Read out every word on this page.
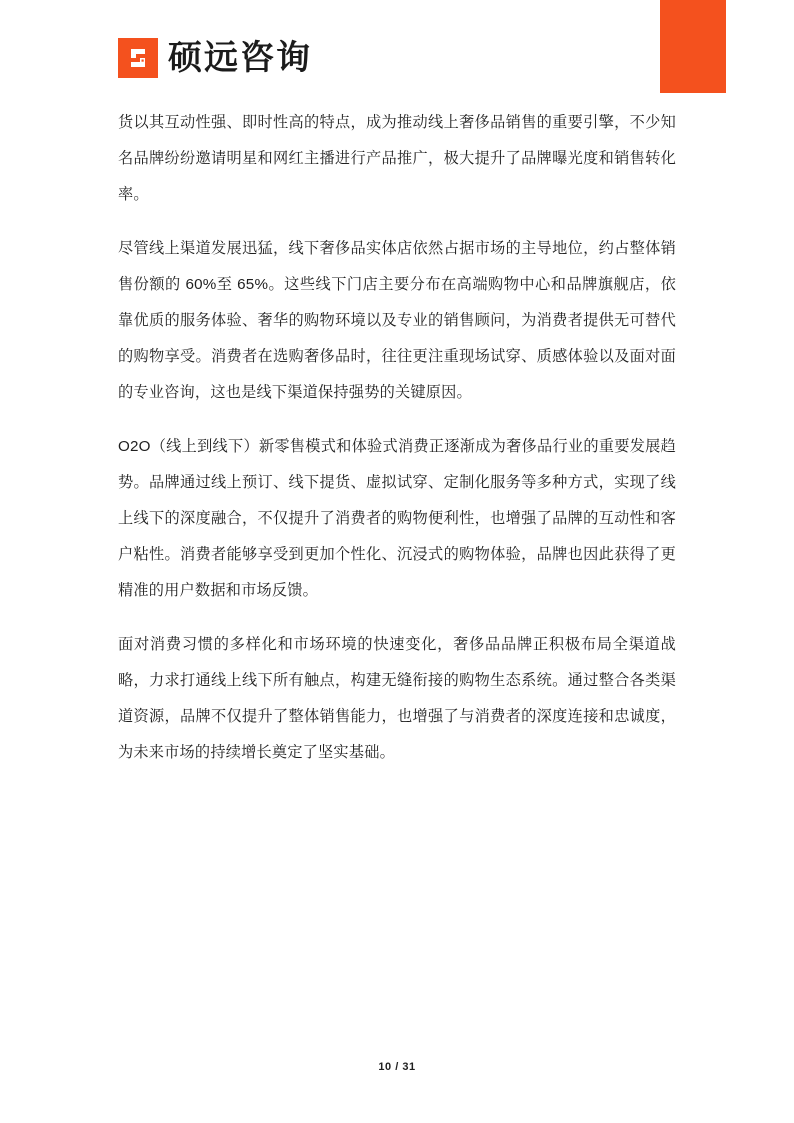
硕远咨询

货以其互动性强、即时性高的特点，成为推动线上奢侈品销售的重要引擎，不少知名品牌纷纷邀请明星和网红主播进行产品推广，极大提升了品牌曝光度和销售转化率。

尽管线上渠道发展迅猛，线下奢侈品实体店依然占据市场的主导地位，约占整体销售份额的 60%至 65%。这些线下门店主要分布在高端购物中心和品牌旗舰店，依靠优质的服务体验、奢华的购物环境以及专业的销售顾问，为消费者提供无可替代的购物享受。消费者在选购奢侈品时，往往更注重现场试穿、质感体验以及面对面的专业咨询，这也是线下渠道保持强势的关键原因。

O2O（线上到线下）新零售模式和体验式消费正逐渐成为奢侈品行业的重要发展趋势。品牌通过线上预订、线下提货、虚拟试穿、定制化服务等多种方式，实现了线上线下的深度融合，不仅提升了消费者的购物便利性，也增强了品牌的互动性和客户粘性。消费者能够享受到更加个性化、沉浸式的购物体验，品牌也因此获得了更精准的用户数据和市场反馈。

面对消费习惯的多样化和市场环境的快速变化，奢侈品品牌正积极布局全渠道战略，力求打通线上线下所有触点，构建无缝衔接的购物生态系统。通过整合各类渠道资源，品牌不仅提升了整体销售能力，也增强了与消费者的深度连接和忠诚度，为未来市场的持续增长奠定了坚实基础。

10 / 31
